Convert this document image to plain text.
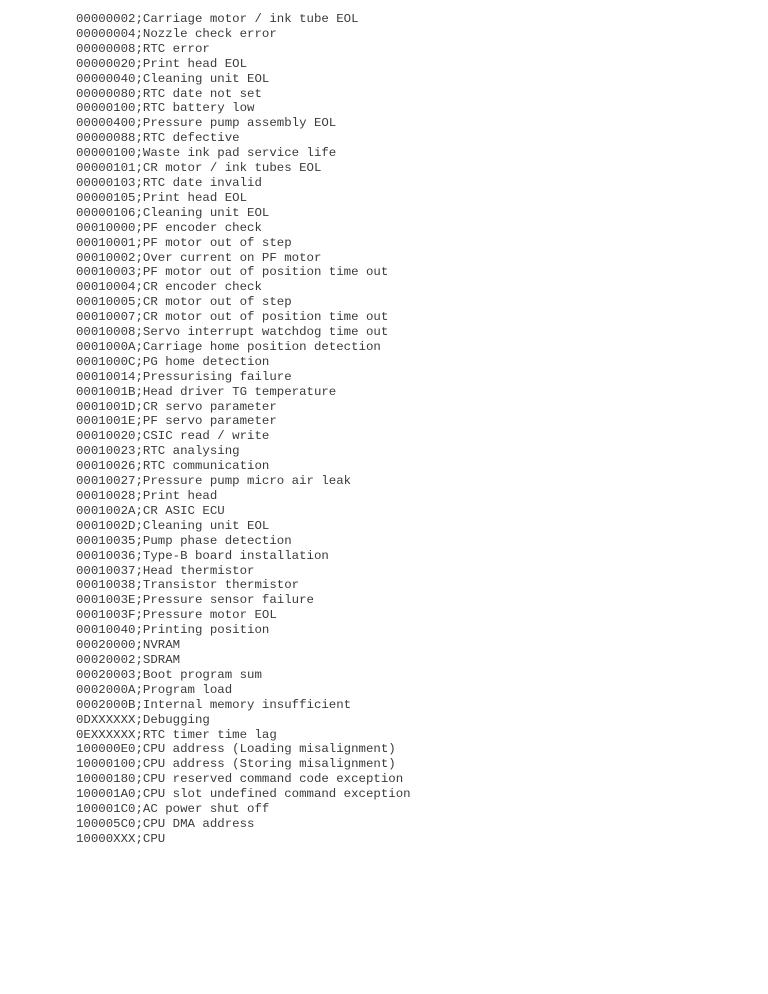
00000002;Carriage motor / ink tube EOL
00000004;Nozzle check error
00000008;RTC error
00000020;Print head EOL
00000040;Cleaning unit EOL
00000080;RTC date not set
00000100;RTC battery low
00000400;Pressure pump assembly EOL
00000088;RTC defective
00000100;Waste ink pad service life
00000101;CR motor / ink tubes EOL
00000103;RTC date invalid
00000105;Print head EOL
00000106;Cleaning unit EOL
00010000;PF encoder check
00010001;PF motor out of step
00010002;Over current on PF motor
00010003;PF motor out of position time out
00010004;CR encoder check
00010005;CR motor out of step
00010007;CR motor out of position time out
00010008;Servo interrupt watchdog time out
0001000A;Carriage home position detection
0001000C;PG home detection
00010014;Pressurising failure
0001001B;Head driver TG temperature
0001001D;CR servo parameter
0001001E;PF servo parameter
00010020;CSIC read / write
00010023;RTC analysing
00010026;RTC communication
00010027;Pressure pump micro air leak
00010028;Print head
0001002A;CR ASIC ECU
0001002D;Cleaning unit EOL
00010035;Pump phase detection
00010036;Type-B board installation
00010037;Head thermistor
00010038;Transistor thermistor
0001003E;Pressure sensor failure
0001003F;Pressure motor EOL
00010040;Printing position
00020000;NVRAM
00020002;SDRAM
00020003;Boot program sum
0002000A;Program load
0002000B;Internal memory insufficient
0DXXXXXX;Debugging
0EXXXXXX;RTC timer time lag
100000E0;CPU address (Loading misalignment)
10000100;CPU address (Storing misalignment)
10000180;CPU reserved command code exception
100001A0;CPU slot undefined command exception
100001C0;AC power shut off
100005C0;CPU DMA address
10000XXX;CPU
